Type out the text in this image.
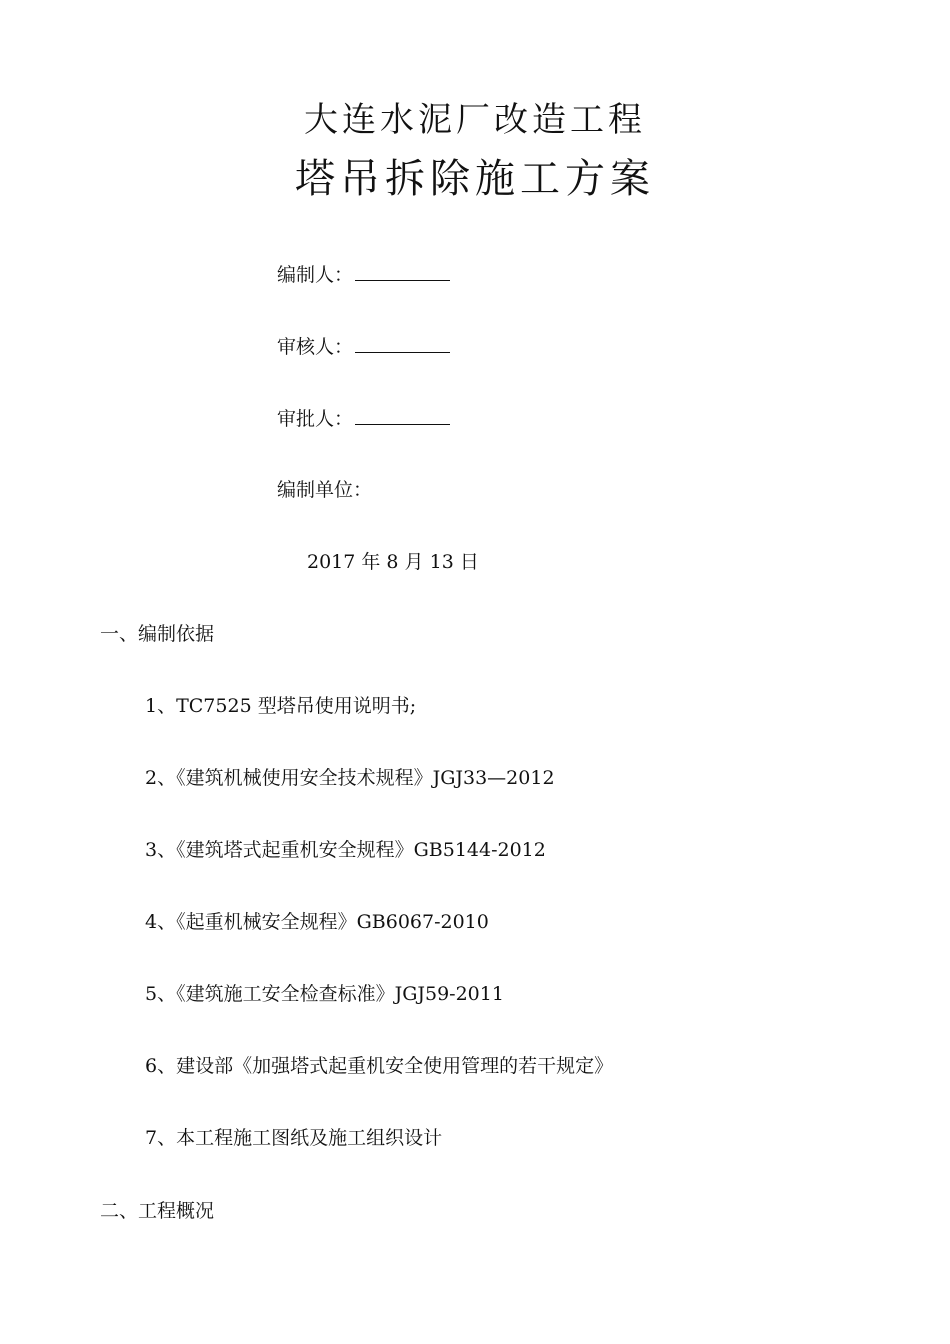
大连水泥厂改造工程
塔吊拆除施工方案
编制人：
审核人：
审批人：
编制单位：
2017 年 8 月 13 日
一、编制依据
1、TC7525 型塔吊使用说明书;
2、《建筑机械使用安全技术规程》JGJ33—2012
3、《建筑塔式起重机安全规程》GB5144-2012
4、《起重机械安全规程》GB6067-2010
5、《建筑施工安全检查标准》JGJ59-2011
6、建设部《加强塔式起重机安全使用管理的若干规定》
7、本工程施工图纸及施工组织设计
二、工程概况
